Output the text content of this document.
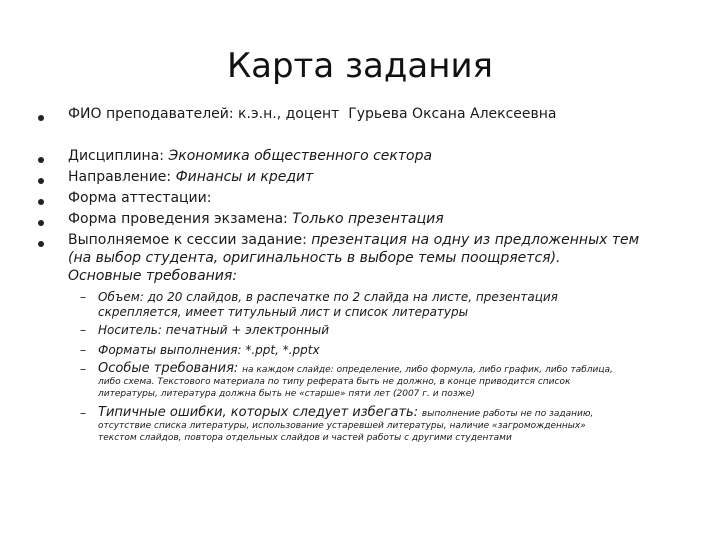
Карта задания
ФИО преподавателей: к.э.н., доцент Гурьева Оксана Алексеевна
Дисциплина: Экономика общественного сектора
Направление: Финансы и кредит
Форма аттестации:
Форма проведения экзамена: Только презентация
Выполняемое к сессии задание: презентация на одну из предложенных тем
(на выбор студента, оригинальность в выборе темы поощряется).
Основные требования:
– Объем: до 20 слайдов, в распечатке по 2 слайда на листе, презентация
скрепляется, имеет титульный лист и список литературы
– Носитель: печатный + электронный
– Форматы выполнения: *.ppt, *.pptx
– Особые требования: на каждом слайде: определение, либо формула, либо график, либо таблица,
либо схема. Текстового материала по типу реферата быть не должно, в конце приводится список
литературы, литература должна быть не «старше» пяти лет (2007 г. и позже)
– Типичные ошибки, которых следует избегать: выполнение работы не по заданию,
отсутствие списка литературы, использование устаревшей литературы, наличие «загроможденных»
текстом слайдов, повтора отдельных слайдов и частей работы с другими студентами
